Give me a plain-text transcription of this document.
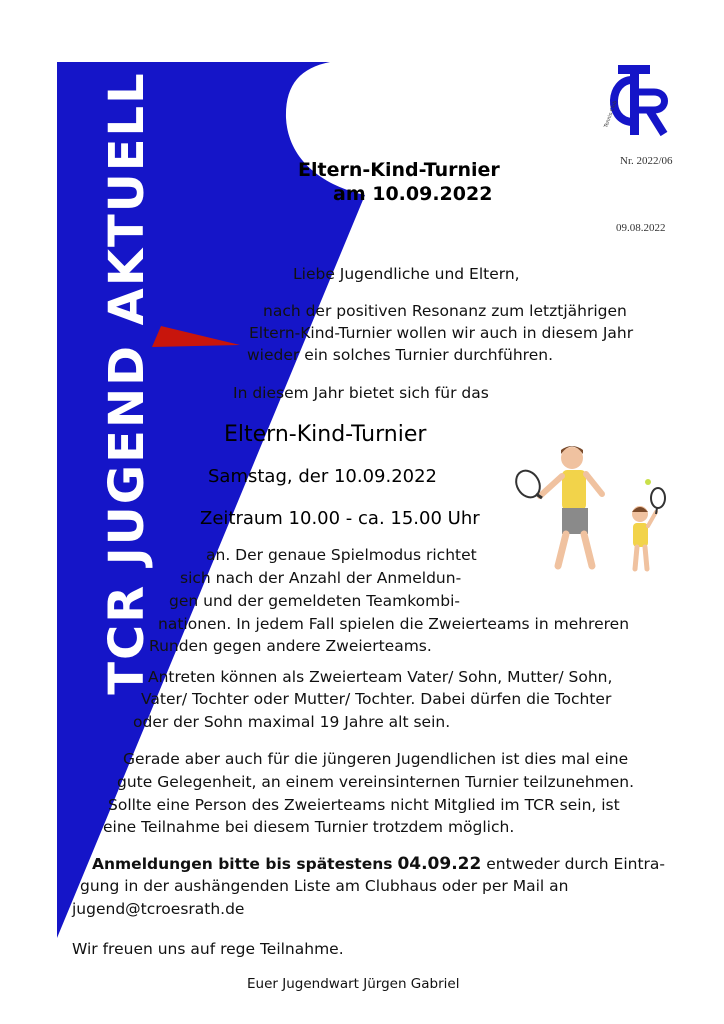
TCR JUGEND AKTUELL	Tennis·Club
Nr. 2022/06
09.08.2022
Eltern-Kind-Turnier
am 10.09.2022
Liebe Jugendliche und Eltern,
nach der positiven Resonanz zum letztjährigen
Eltern-Kind-Turnier wollen wir auch in diesem Jahr
wieder ein solches Turnier durchführen.
In diesem Jahr bietet sich für das
Eltern-Kind-Turnier
Samstag, der 10.09.2022
Zeitraum 10.00 - ca. 15.00 Uhr
an. Der genaue Spielmodus richtet
sich nach der Anzahl der Anmeldun-
gen und der gemeldeten Teamkombi-
nationen. In jedem Fall spielen die Zweierteams in mehreren
Runden gegen andere Zweierteams.
Antreten können als Zweierteam Vater/ Sohn, Mutter/ Sohn,
Vater/ Tochter oder Mutter/ Tochter. Dabei dürfen die Tochter
oder der Sohn maximal 19 Jahre alt sein.
Gerade aber auch für die jüngeren Jugendlichen ist dies mal eine
gute Gelegenheit, an einem vereinsinternen Turnier teilzunehmen.
Sollte eine Person des Zweierteams nicht Mitglied im TCR sein, ist
eine Teilnahme bei diesem Turnier trotzdem möglich.
Anmeldungen bitte bis spätestens 04.09.22 entweder durch Eintra-
gung in der aushängenden Liste am Clubhaus oder per Mail an
jugend@tcroesrath.de
Wir freuen uns auf rege Teilnahme.
Euer Jugendwart Jürgen Gabriel
